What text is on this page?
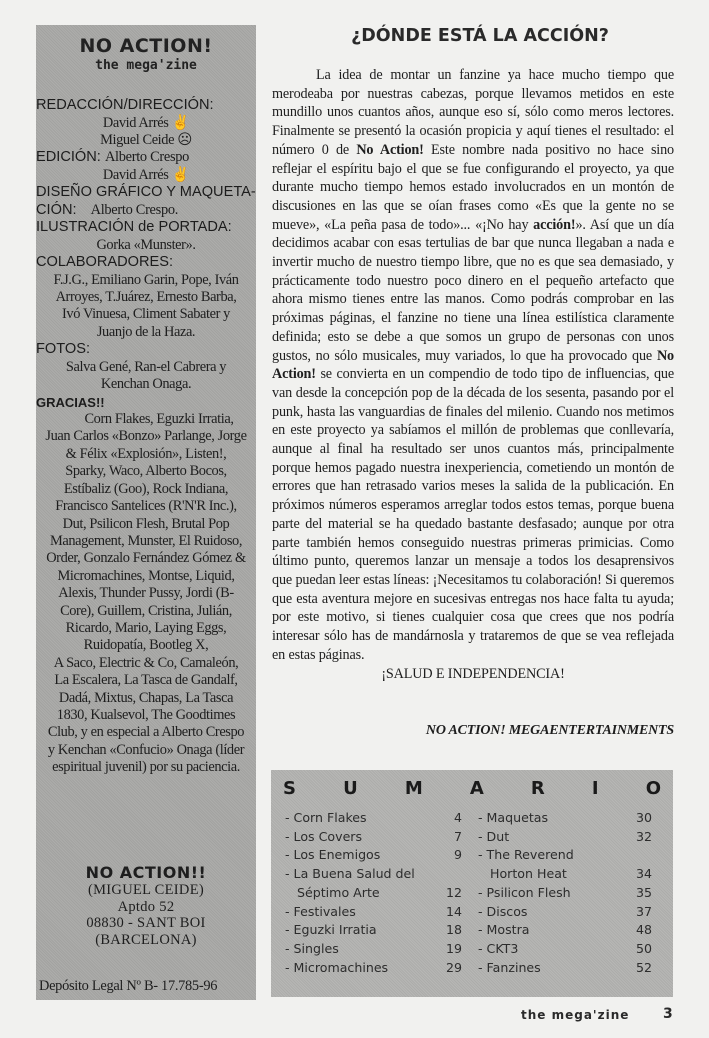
NO ACTION!
the mega'zine
REDACCIÓN/DIRECCIÓN:
David Arrés ✌
Miguel Ceide ☹
EDICIÓN: Alberto Crespo
David Arrés ✌
DISEÑO GRÁFICO Y MAQUETA-
CIÓN: Alberto Crespo.
ILUSTRACIÓN de PORTADA:
Gorka «Munster».
COLABORADORES:
F.J.G., Emiliano Garin, Pope, Iván
Arroyes, T.Juárez, Ernesto Barba,
Ivó Vinuesa, Climent Sabater y
Juanjo de la Haza.
FOTOS:
Salva Gené, Ran-el Cabrera y
Kenchan Onaga.
GRACIAS!!
Corn Flakes, Eguzki Irratia,
Juan Carlos «Bonzo» Parlange, Jorge
& Félix «Explosión», Listen!,
Sparky, Waco, Alberto Bocos,
Estíbaliz (Goo), Rock Indiana,
Francisco Santelices (R'N'R Inc.),
Dut, Psilicon Flesh, Brutal Pop
Management, Munster, El Ruidoso,
Order, Gonzalo Fernández Gómez &
Micromachines, Montse, Liquid,
Alexis, Thunder Pussy, Jordi (B-
Core), Guillem, Cristina, Julián,
Ricardo, Mario, Laying Eggs,
Ruidopatía, Bootleg X,
A Saco, Electric & Co, Camaleón,
La Escalera, La Tasca de Gandalf,
Dadá, Mixtus, Chapas, La Tasca
1830, Kualsevol, The Goodtimes
Club, y en especial a Alberto Crespo
y Kenchan «Confucio» Onaga (líder
espiritual juvenil) por su paciencia.
NO ACTION!!
(MIGUEL CEIDE)
Aptdo 52
08830 - SANT BOI
(BARCELONA)
Depósito Legal Nº B- 17.785-96
¿DÓNDE ESTÁ LA ACCIÓN?

La idea de montar un fanzine ya hace mucho tiempo que merodeaba por nuestras cabezas, porque llevamos metidos en este mundillo unos cuantos años, aunque eso sí, sólo como meros lectores. Finalmente se presentó la ocasión propicia y aquí tienes el resultado: el número 0 de No Action! Este nombre nada positivo no hace sino reflejar el espíritu bajo el que se fue configurando el proyecto, ya que durante mucho tiempo hemos estado involucrados en un montón de discusiones en las que se oían frases como «Es que la gente no se mueve», «La peña pasa de todo»... «¡No hay acción!». Así que un día decidimos acabar con esas tertulias de bar que nunca llegaban a nada e invertir mucho de nuestro tiempo libre, que no es que sea demasiado, y prácticamente todo nuestro poco dinero en el pequeño artefacto que ahora mismo tienes entre las manos. Como podrás comprobar en las próximas páginas, el fanzine no tiene una línea estilística claramente definida; esto se debe a que somos un grupo de personas con unos gustos, no sólo musicales, muy variados, lo que ha provocado que No Action! se convierta en un compendio de todo tipo de influencias, que van desde la concepción pop de la década de los sesenta, pasando por el punk, hasta las vanguardias de finales del milenio. Cuando nos metimos en este proyecto ya sabíamos el millón de problemas que conllevaría, aunque al final ha resultado ser unos cuantos más, principalmente porque hemos pagado nuestra inexperiencia, cometiendo un montón de errores que han retrasado varios meses la salida de la publicación. En próximos números esperamos arreglar todos estos temas, porque buena parte del material se ha quedado bastante desfasado; aunque por otra parte también hemos conseguido nuestras primeras primicias. Como último punto, queremos lanzar un mensaje a todos los desaprensivos que puedan leer estas líneas: ¡Necesitamos tu colaboración! Si queremos que esta aventura mejore en sucesivas entregas nos hace falta tu ayuda; por este motivo, si tienes cualquier cosa que crees que nos podría interesar sólo has de mandárnosla y trataremos de que se vea reflejada en estas páginas.

¡SALUD E INDEPENDENCIA!
NO ACTION! MEGAENTERTAINMENTS
S	U	M	A	R	I	O
- Corn Flakes	4
- Los Covers	7
- Los Enemigos	9
- La Buena Salud del
Séptimo Arte	12
- Festivales	14
- Eguzki Irratia	18
- Singles	19
- Micromachines	29
- Maquetas	30
- Dut	32
- The Reverend
Horton Heat	34
- Psilicon Flesh	35
- Discos	37
- Mostra	48
- CKT3	50
- Fanzines	52
the mega'zine 3
